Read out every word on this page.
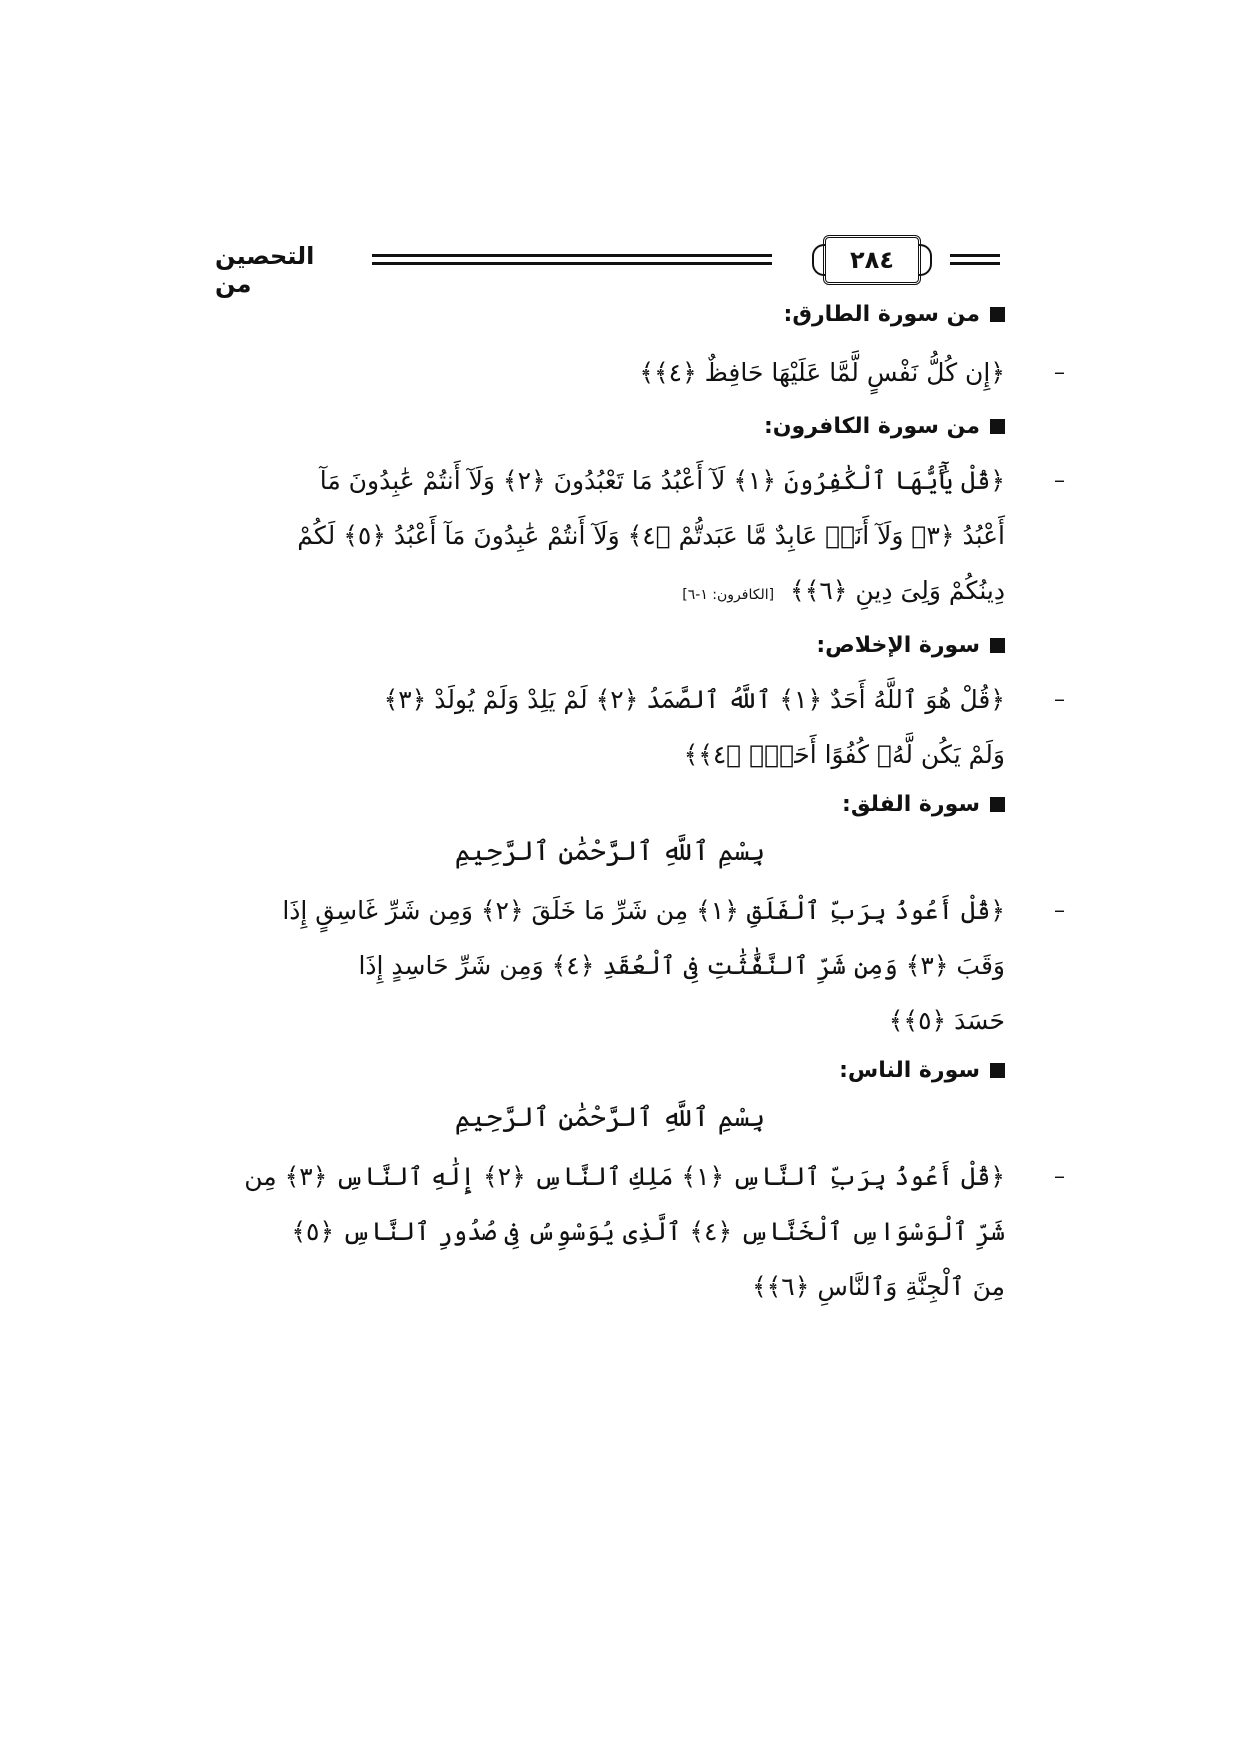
٢٨٤
التحصين من

من سورة الطارق:

–
﴿إِن كُلُّ نَفْسٍ لَّمَّا عَلَيْهَا حَافِظٌ ﴿٤﴾﴾

من سورة الكافرون:

–
﴿قُلْ يَٰٓأَيُّهَا ٱلْكَٰفِرُونَ ﴿١﴾ لَآ أَعْبُدُ مَا تَعْبُدُونَ ﴿٢﴾ وَلَآ أَنتُمْ عَٰبِدُونَ مَآ

أَعْبُدُ ﴿٣﴾ وَلَآ أَنَا۠ عَابِدٌ مَّا عَبَدتُّمْ ﴿٤﴾ وَلَآ أَنتُمْ عَٰبِدُونَ مَآ أَعْبُدُ ﴿٥﴾ لَكُمْ

دِينُكُمْ وَلِىَ دِينِ ﴿٦﴾﴾ [الكافرون: ١-٦]

سورة الإخلاص:

–
﴿قُلْ هُوَ ٱللَّهُ أَحَدٌ ﴿١﴾ ٱللَّهُ ٱلصَّمَدُ ﴿٢﴾ لَمْ يَلِدْ وَلَمْ يُولَدْ ﴿٣﴾

وَلَمْ يَكُن لَّهُۥ كُفُوًا أَحَدٌۢ ﴿٤﴾﴾

سورة الفلق:

بِسْمِ ٱللَّهِ ٱلرَّحْمَٰنِ ٱلرَّحِيمِ

–
﴿قُلْ أَعُوذُ بِرَبِّ ٱلْفَلَقِ ﴿١﴾ مِن شَرِّ مَا خَلَقَ ﴿٢﴾ وَمِن شَرِّ غَاسِقٍ إِذَا

وَقَبَ ﴿٣﴾ وَمِن شَرِّ ٱلنَّفَّٰثَٰتِ فِى ٱلْعُقَدِ ﴿٤﴾ وَمِن شَرِّ حَاسِدٍ إِذَا

حَسَدَ ﴿٥﴾﴾

سورة الناس:

بِسْمِ ٱللَّهِ ٱلرَّحْمَٰنِ ٱلرَّحِيمِ

–
﴿قُلْ أَعُوذُ بِرَبِّ ٱلنَّاسِ ﴿١﴾ مَلِكِ ٱلنَّاسِ ﴿٢﴾ إِلَٰهِ ٱلنَّاسِ ﴿٣﴾ مِن

شَرِّ ٱلْوَسْوَاسِ ٱلْخَنَّاسِ ﴿٤﴾ ٱلَّذِى يُوَسْوِسُ فِى صُدُورِ ٱلنَّاسِ ﴿٥﴾

مِنَ ٱلْجِنَّةِ وَٱلنَّاسِ ﴿٦﴾﴾
